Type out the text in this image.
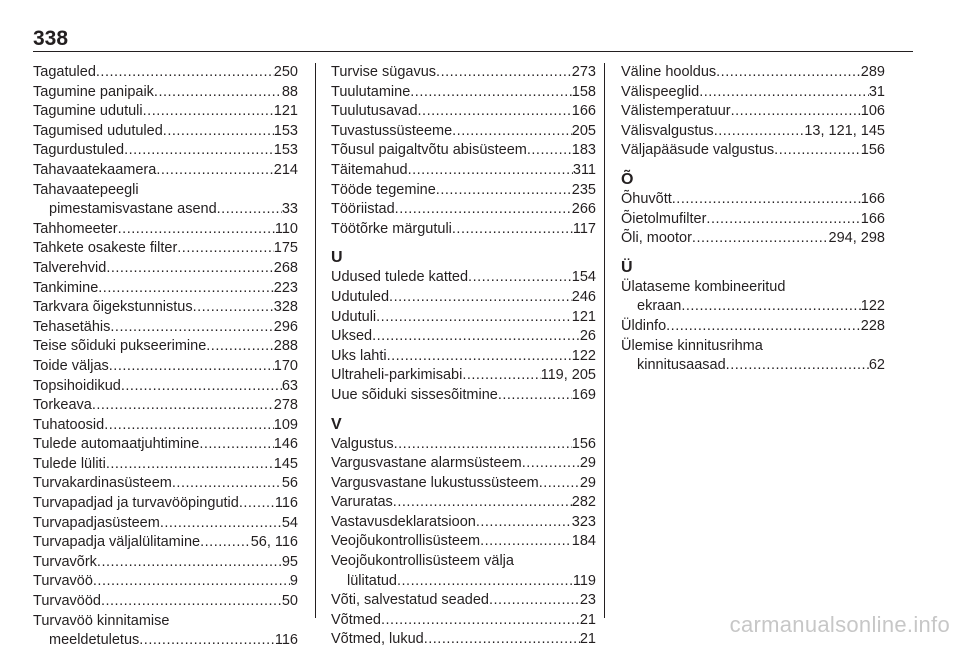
338
Tagatuled .....	250
Tagumine panipaik .....	88
Tagumine udutuli .....	121
Tagumised udutuled .....	153
Tagurdustuled .....	153
Tahavaatekaamera .....	214
Tahavaatepeegli
pimestamisvastane asend .....	33
Tahhomeeter .....	110
Tahkete osakeste filter .....	175
Talverehvid .....	268
Tankimine .....	223
Tarkvara õigekstunnistus .....	328
Tehasetähis .....	296
Teise sõiduki pukseerimine .....	288
Toide väljas .....	170
Topsihoidikud .....	63
Torkeava .....	278
Tuhatoosid .....	109
Tulede automaatjuhtimine .....	146
Tulede lüliti .....	145
Turvakardinasüsteem .....	56
Turvapadjad ja turvavööpingutid ..... 116
Turvapadjasüsteem .....	54
Turvapadja väljalülitamine .....	56, 116
Turvavõrk .....	95
Turvavöö .....	9
Turvavööd .....	50
Turvavöö kinnitamise
meeldetuletus .....	116
Turvise sügavus .....	273
Tuulutamine .....	158
Tuulutusavad .....	166
Tuvastussüsteeme .....	205
Tõusul paigaltvõtu abisüsteem .....	183
Täitemahud .....	311
Tööde tegemine .....	235
Tööriistad .....	266
Töötõrke märgutuli .....	117
U
Udused tulede katted .....	154
Udutuled .....	246
Udutuli .....	121
Uksed .....	26
Uks lahti .....	122
Ultraheli-parkimisabi .....	119, 205
Uue sõiduki sissesõitmine .....	169
V
Valgustus .....	156
Vargusvastane alarmsüsteem .....	29
Vargusvastane lukustussüsteem .....	29
Varuratas .....	282
Vastavusdeklaratsioon .....	323
Veojõukontrollisüsteem .....	184
Veojõukontrollisüsteem välja
lülitatud .....	119
Võti, salvestatud seaded .....	23
Võtmed .....	21
Võtmed, lukud .....	21
Väline hooldus .....	289
Välispeeglid .....	31
Välistemperatuur .....	106
Välisvalgustus .....	13, 121, 145
Väljapääsude valgustus .....	156
Õ
Õhuvõtt .....	166
Õietolmufilter .....	166
Õli, mootor .....	294, 298
Ü
Ülataseme kombineeritud
ekraan .....	122
Üldinfo .....	228
Ülemise kinnitusrihma
kinnitusaasad .....	62
carmanualsonline.info
